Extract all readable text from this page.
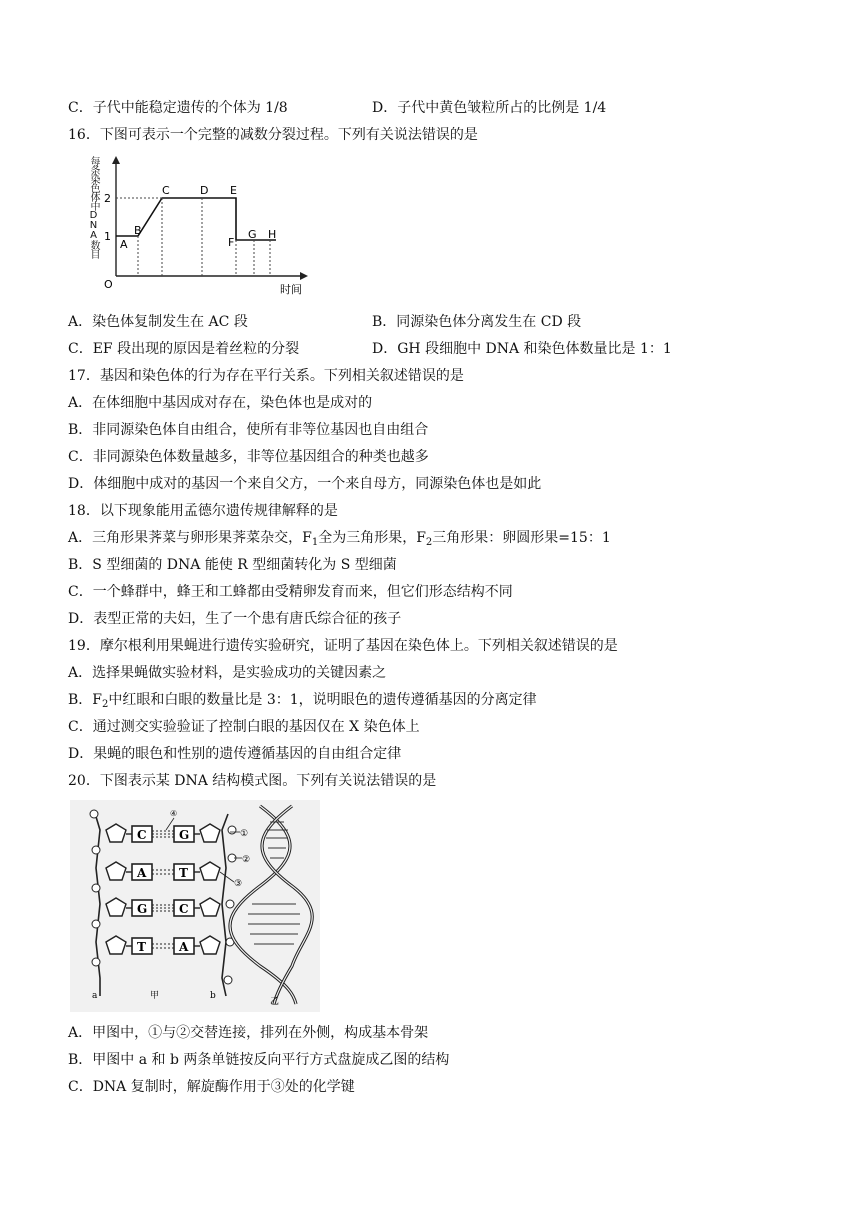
C．子代中能稳定遗传的个体为 1/8	D．子代中黄色皱粒所占的比例是 1/4
16．下图可表示一个完整的减数分裂过程。下列有关说法错误的是
1
2
O
A
B
C	D E
F
G H
时间
每条染色体中DNA数目
A．染色体复制发生在 AC 段	B．同源染色体分离发生在 CD 段
C．EF 段出现的原因是着丝粒的分裂	D．GH 段细胞中 DNA 和染色体数量比是 1：1
17．基因和染色体的行为存在平行关系。下列相关叙述错误的是
A．在体细胞中基因成对存在，染色体也是成对的
B．非同源染色体自由组合，使所有非等位基因也自由组合
C．非同源染色体数量越多，非等位基因组合的种类也越多
D．体细胞中成对的基因一个来自父方，一个来自母方，同源染色体也是如此
18．以下现象能用孟德尔遗传规律解释的是
A．三角形果荠菜与卵形果荠菜杂交，$F_1$全为三角形果，$F_2$三角形果：卵圆形果=15：1
B．S 型细菌的 DNA 能使 R 型细菌转化为 S 型细菌
C．一个蜂群中，蜂王和工蜂都由受精卵发育而来，但它们形态结构不同
D．表型正常的夫妇，生了一个患有唐氏综合征的孩子
19．摩尔根利用果蝇进行遗传实验研究，证明了基因在染色体上。下列相关叙述错误的是
A．选择果蝇做实验材料，是实验成功的关键因素之
B．$F_2$中红眼和白眼的数量比是 3：1，说明眼色的遗传遵循基因的分离定律
C．通过测交实验验证了控制白眼的基因仅在 X 染色体上
D．果蝇的眼色和性别的遗传遵循基因的自由组合定律
20．下图表示某 DNA 结构模式图。下列有关说法错误的是
C	G
A	T
G	C
T	A
④
①
②
③
a	甲	b
乙
A．甲图中，①与②交替连接，排列在外侧，构成基本骨架
B．甲图中 a 和 b 两条单链按反向平行方式盘旋成乙图的结构
C．DNA 复制时，解旋酶作用于③处的化学键
